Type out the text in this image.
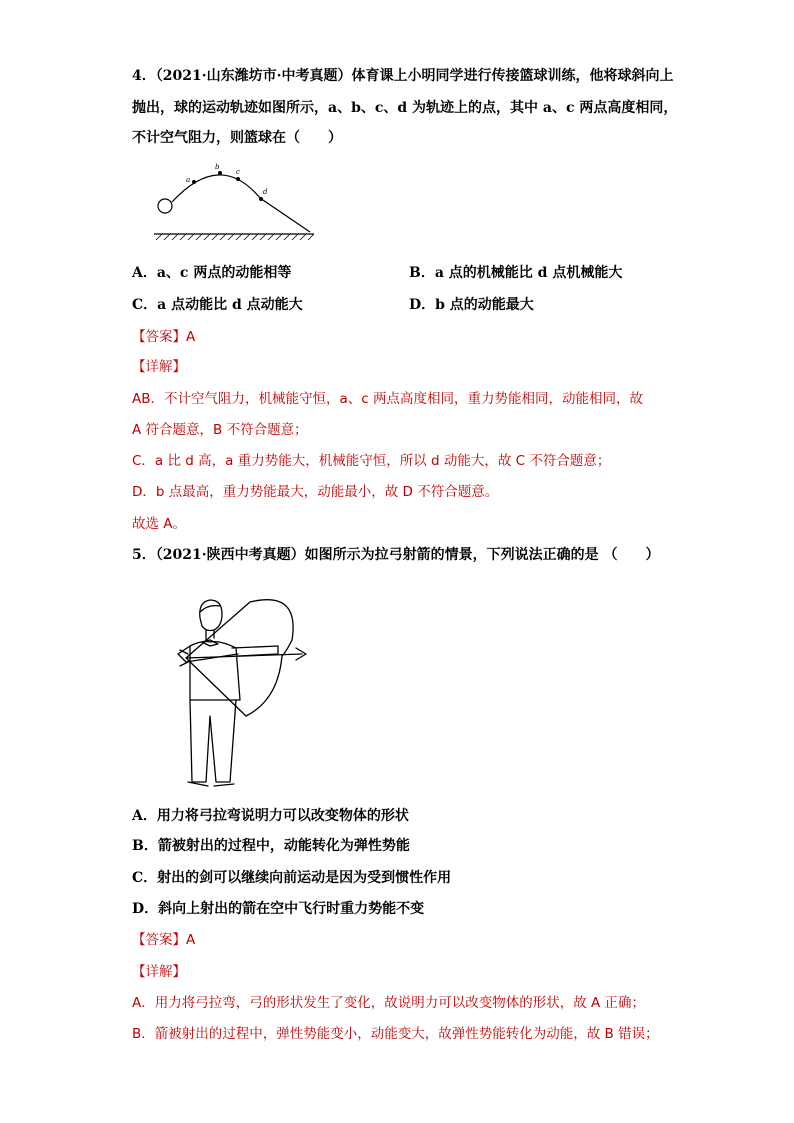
4．（2021·山东潍坊市·中考真题）体育课上小明同学进行传接篮球训练，他将球斜向上
抛出，球的运动轨迹如图所示，a、b、c、d 为轨迹上的点，其中 a、c 两点高度相同，
不计空气阻力，则篮球在（　　）
a
b
c
d
A．a、c 两点的动能相等	B．a 点的机械能比 d 点机械能大
C．a 点动能比 d 点动能大	D．b 点的动能最大
【答案】A
【详解】
AB．不计空气阻力，机械能守恒，a、c 两点高度相同，重力势能相同，动能相同，故
A 符合题意，B 不符合题意；
C．a 比 d 高，a 重力势能大，机械能守恒，所以 d 动能大，故 C 不符合题意；
D．b 点最高，重力势能最大，动能最小，故 D 不符合题意。
故选 A。
5．（2021·陕西中考真题）如图所示为拉弓射箭的情景，下列说法正确的是 （　　）
A．用力将弓拉弯说明力可以改变物体的形状
B．箭被射出的过程中，动能转化为弹性势能
C．射出的剑可以继续向前运动是因为受到惯性作用
D．斜向上射出的箭在空中飞行时重力势能不变
【答案】A
【详解】
A．用力将弓拉弯，弓的形状发生了变化，故说明力可以改变物体的形状，故 A 正确；
B．箭被射出的过程中，弹性势能变小，动能变大，故弹性势能转化为动能，故 B 错误；
